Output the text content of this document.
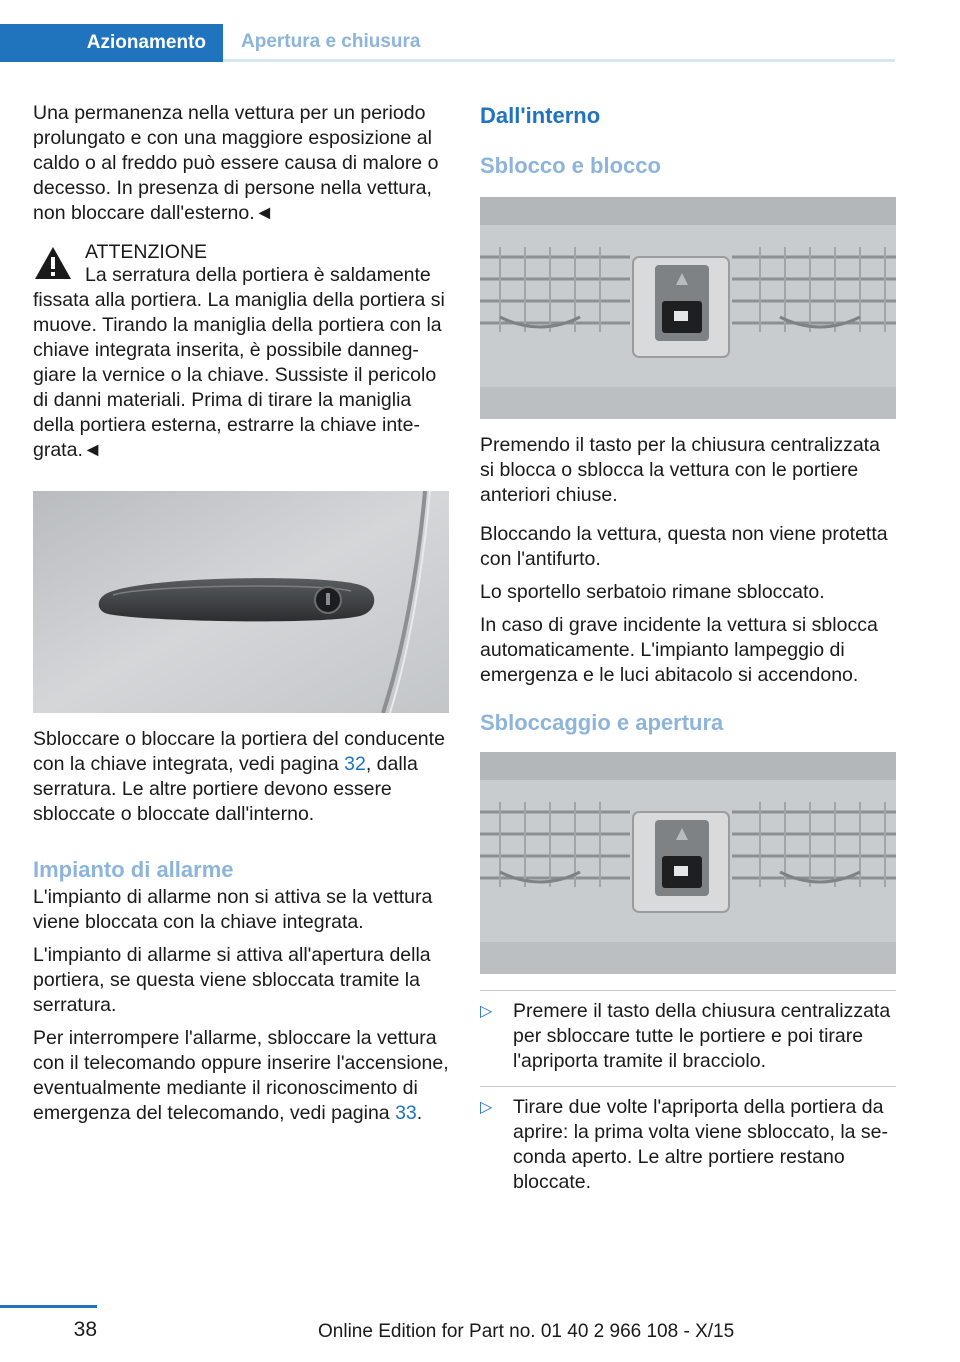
Azionamento Apertura e chiusura

Una permanenza nella vettura per un periodo prolungato e con una maggiore esposizione al caldo o al freddo può essere causa di malore o decesso. In presenza di persone nella vettura, non bloccare dall'esterno.◄

ATTENZIONE

La serratura della portiera è saldamente fissata alla portiera. La maniglia della portiera si muove. Tirando la maniglia della portiera con la chiave integrata inserita, è possibile danneggiare la vernice o la chiave. Sussiste il pericolo di danni materiali. Prima di tirare la maniglia della portiera esterna, estrarre la chiave integrata.◄

Sbloccare o bloccare la portiera del conducente con la chiave integrata, vedi pagina 32, dalla serratura. Le altre portiere devono essere sbloccate o bloccate dall'interno.

Impianto di allarme

L'impianto di allarme non si attiva se la vettura viene bloccata con la chiave integrata.

L'impianto di allarme si attiva all'apertura della portiera, se questa viene sbloccata tramite la serratura.

Per interrompere l'allarme, sbloccare la vettura con il telecomando oppure inserire l'accensione, eventualmente mediante il riconoscimento di emergenza del telecomando, vedi pagina 33.

Dall'interno
Sblocco e blocco

Premendo il tasto per la chiusura centralizzata si blocca o sblocca la vettura con le portiere anteriori chiuse.

Bloccando la vettura, questa non viene protetta con l'antifurto.

Lo sportello serbatoio rimane sbloccato.

In caso di grave incidente la vettura si sblocca automaticamente. L'impianto lampeggio di emergenza e le luci abitacolo si accendono.

Sbloccaggio e apertura
▷ Premere il tasto della chiusura centralizzata per sbloccare tutte le portiere e poi tirare l'apriporta tramite il bracciolo.

▷ Tirare due volte l'apriporta della portiera da aprire: la prima volta viene sbloccato, la seconda aperto. Le altre portiere restano bloccate.

38	Online Edition for Part no. 01 40 2 966 108 - X/15
